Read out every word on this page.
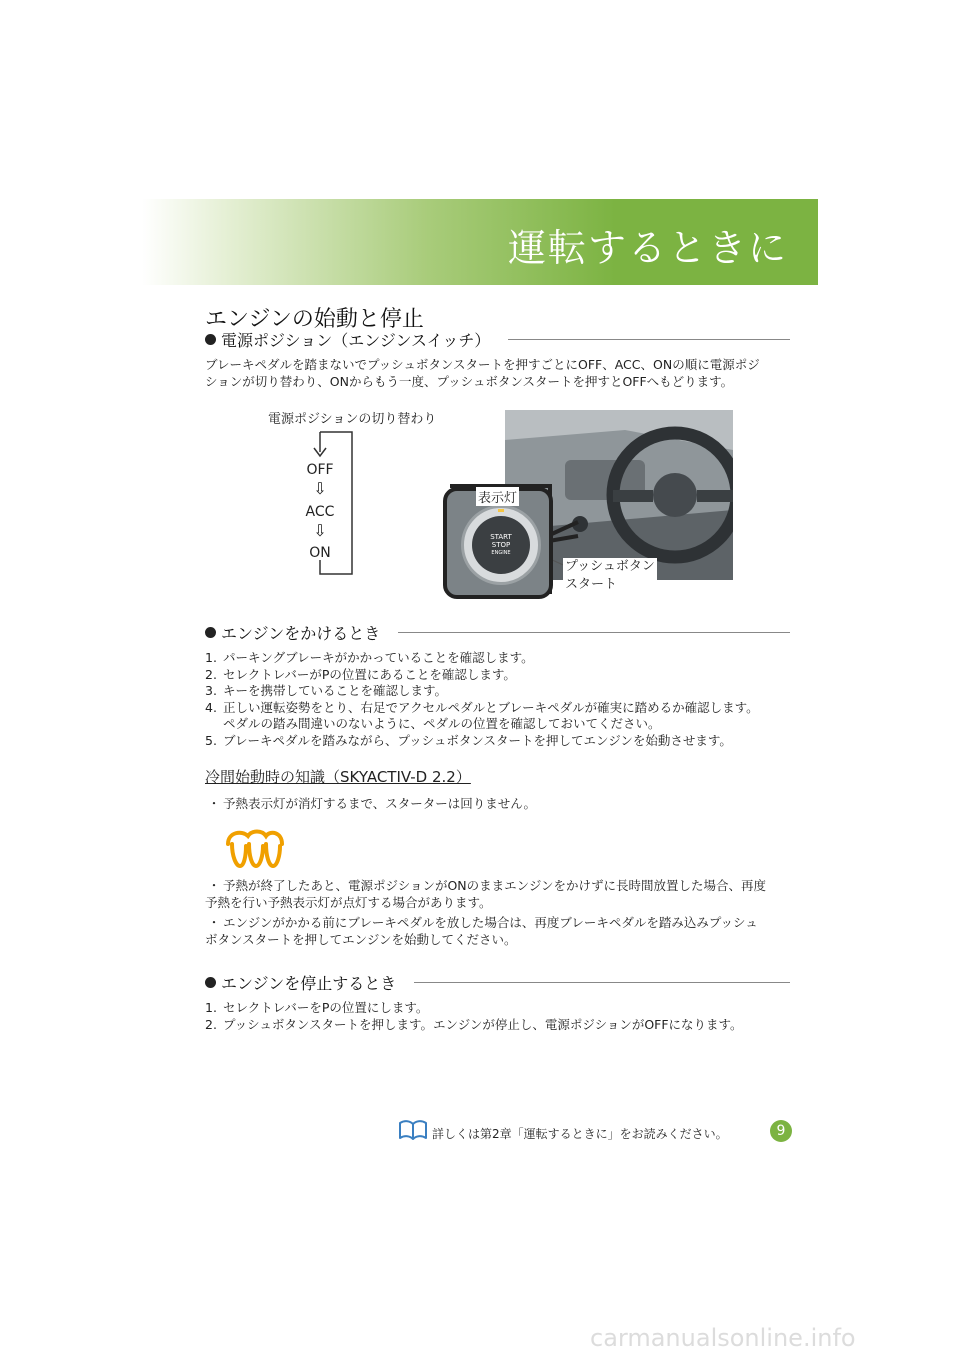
運転するときに
エンジンの始動と停止
電源ポジション（エンジンスイッチ）
ブレーキペダルを踏まないでプッシュボタンスタートを押すごとにOFF、ACC、ONの順に電源ポジ
ションが切り替わり、ONからもう一度、プッシュボタンスタートを押すとOFFへもどります。
電源ポジションの切り替わり
OFF
⇩
ACC
⇩
ON
START
STOP
ENGINE
表示灯
プッシュボタン
スタート
エンジンをかけるとき
1. パーキングブレーキがかかっていることを確認します。
2. セレクトレバーがPの位置にあることを確認します。
3. キーを携帯していることを確認します。
4. 正しい運転姿勢をとり、右足でアクセルペダルとブレーキペダルが確実に踏めるか確認します。
ペダルの踏み間違いのないように、ペダルの位置を確認しておいてください。
5. ブレーキペダルを踏みながら、プッシュボタンスタートを押してエンジンを始動させます。
冷間始動時の知識（SKYACTIV-D 2.2）
・ 予熱表示灯が消灯するまで、スターターは回りません。
・ 予熱が終了したあと、電源ポジションがONのままエンジンをかけずに長時間放置した場合、再度
予熱を行い予熱表示灯が点灯する場合があります。
・ エンジンがかかる前にブレーキペダルを放した場合は、再度ブレーキペダルを踏み込みプッシュ
ボタンスタートを押してエンジンを始動してください。
エンジンを停止するとき
1. セレクトレバーをPの位置にします。
2. プッシュボタンスタートを押します。エンジンが停止し、電源ポジションがOFFになります。
詳しくは第2章「運転するときに」をお読みください。	9
carmanualsonline.info
